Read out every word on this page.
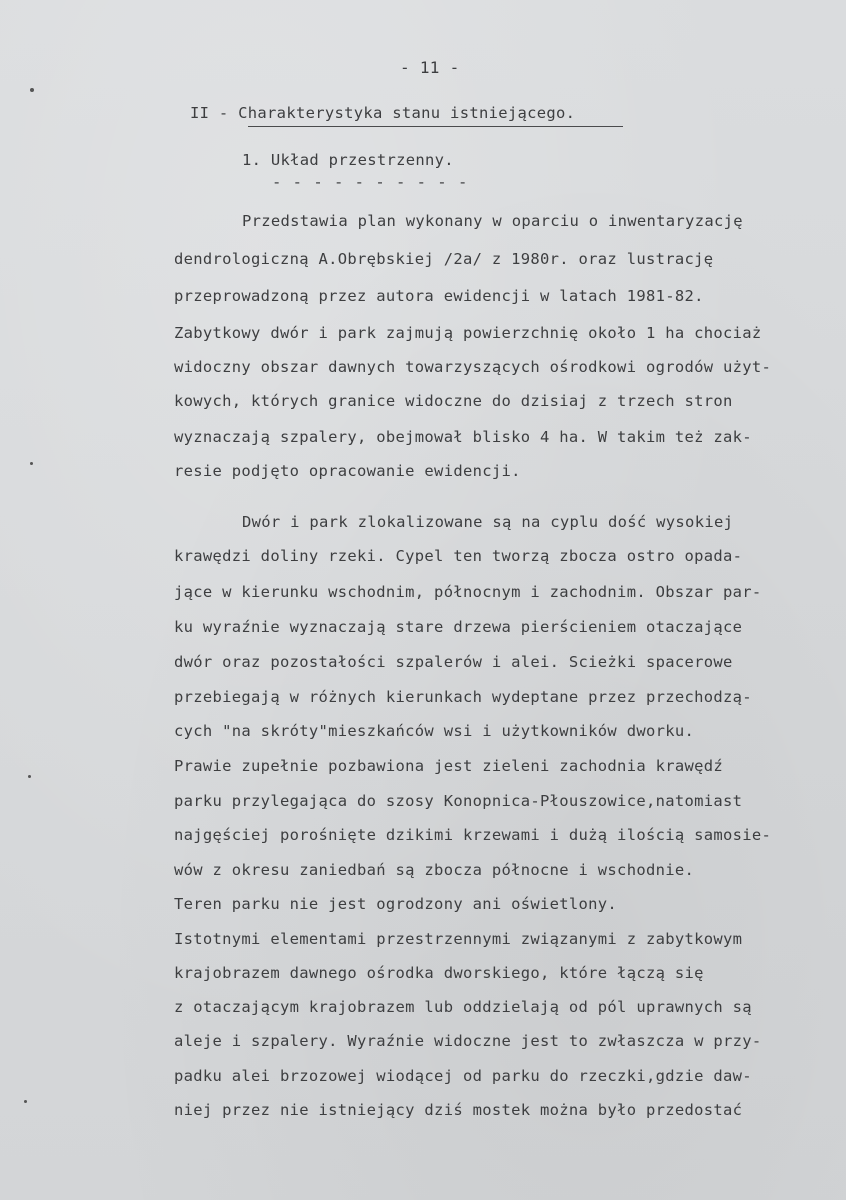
- 11 -
II - Charakterystyka stanu istniejącego.
1. Układ przestrzenny.
- - - - - - - - - -
Przedstawia plan wykonany w oparciu o inwentaryzację
dendrologiczną A.Obrębskiej /2a/ z 1980r. oraz lustrację
przeprowadzoną przez autora ewidencji w latach 1981-82.
Zabytkowy dwór i park zajmują powierzchnię około 1 ha chociaż
widoczny obszar dawnych towarzyszących ośrodkowi ogrodów użyt-
kowych, których granice widoczne do dzisiaj z trzech stron
wyznaczają szpalery, obejmował blisko 4 ha. W takim też zak-
resie podjęto opracowanie ewidencji.
Dwór i park zlokalizowane są na cyplu dość wysokiej
krawędzi doliny rzeki. Cypel ten tworzą zbocza ostro opada-
jące w kierunku wschodnim, północnym i zachodnim. Obszar par-
ku wyraźnie wyznaczają stare drzewa pierścieniem otaczające
dwór oraz pozostałości szpalerów i alei. Scieżki spacerowe
przebiegają w różnych kierunkach wydeptane przez przechodzą-
cych "na skróty"mieszkańców wsi i użytkowników dworku.
Prawie zupełnie pozbawiona jest zieleni zachodnia krawędź
parku przylegająca do szosy Konopnica-Płouszowice,natomiast
najgęściej porośnięte dzikimi krzewami i dużą ilością samosie-
wów z okresu zaniedbań są zbocza północne i wschodnie.
Teren parku nie jest ogrodzony ani oświetlony.
Istotnymi elementami przestrzennymi związanymi z zabytkowym
krajobrazem dawnego ośrodka dworskiego, które łączą się
z otaczającym krajobrazem lub oddzielają od pól uprawnych są
aleje i szpalery. Wyraźnie widoczne jest to zwłaszcza w przy-
padku alei brzozowej wiodącej od parku do rzeczki,gdzie daw-
niej przez nie istniejący dziś mostek można było przedostać
